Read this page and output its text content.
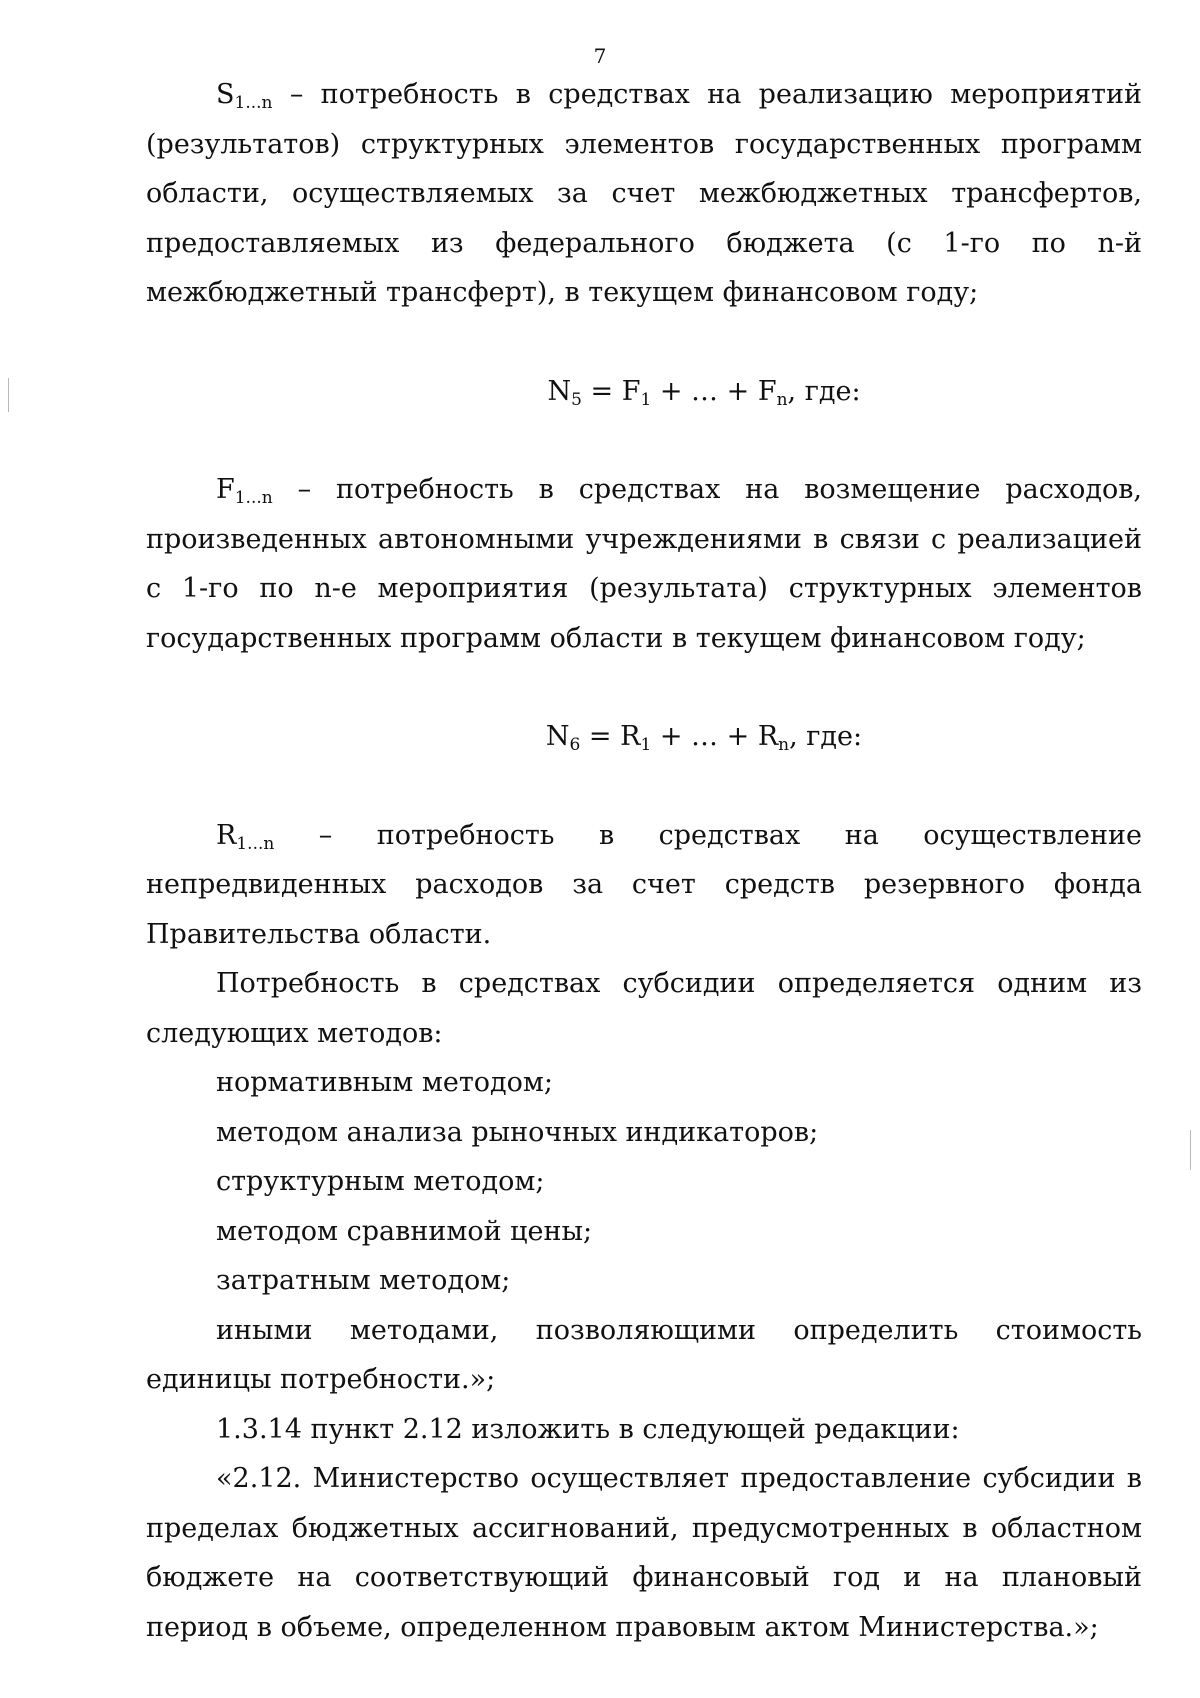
7

$S_{1...n}$ – потребность в средствах на реализацию мероприятий (результатов) структурных элементов государственных программ области, осуществляемых за счет межбюджетных трансфертов, предоставляемых из федерального бюджета (с 1-го по n-й межбюджетный трансферт), в текущем финансовом году;

$N_5 = F_1$ + … + $F_n$, где:

$F_{1...n}$ – потребность в средствах на возмещение расходов, произведенных автономными учреждениями в связи с реализацией с 1-го по n-е мероприятия (результата) структурных элементов государственных программ области в текущем финансовом году;

$N_6 = R_1$ + … + $R_n$, где:

$R_{1...n}$ – потребность в средствах на осуществление непредвиденных расходов за счет средств резервного фонда Правительства области.

Потребность в средствах субсидии определяется одним из следующих методов:

нормативным методом;

методом анализа рыночных индикаторов;

структурным методом;

методом сравнимой цены;

затратным методом;

иными методами, позволяющими определить стоимость единицы потребности.»;

1.3.14 пункт 2.12 изложить в следующей редакции:

«2.12. Министерство осуществляет предоставление субсидии в пределах бюджетных ассигнований, предусмотренных в областном бюджете на соответствующий финансовый год и на плановый период в объеме, определенном правовым актом Министерства.»;
